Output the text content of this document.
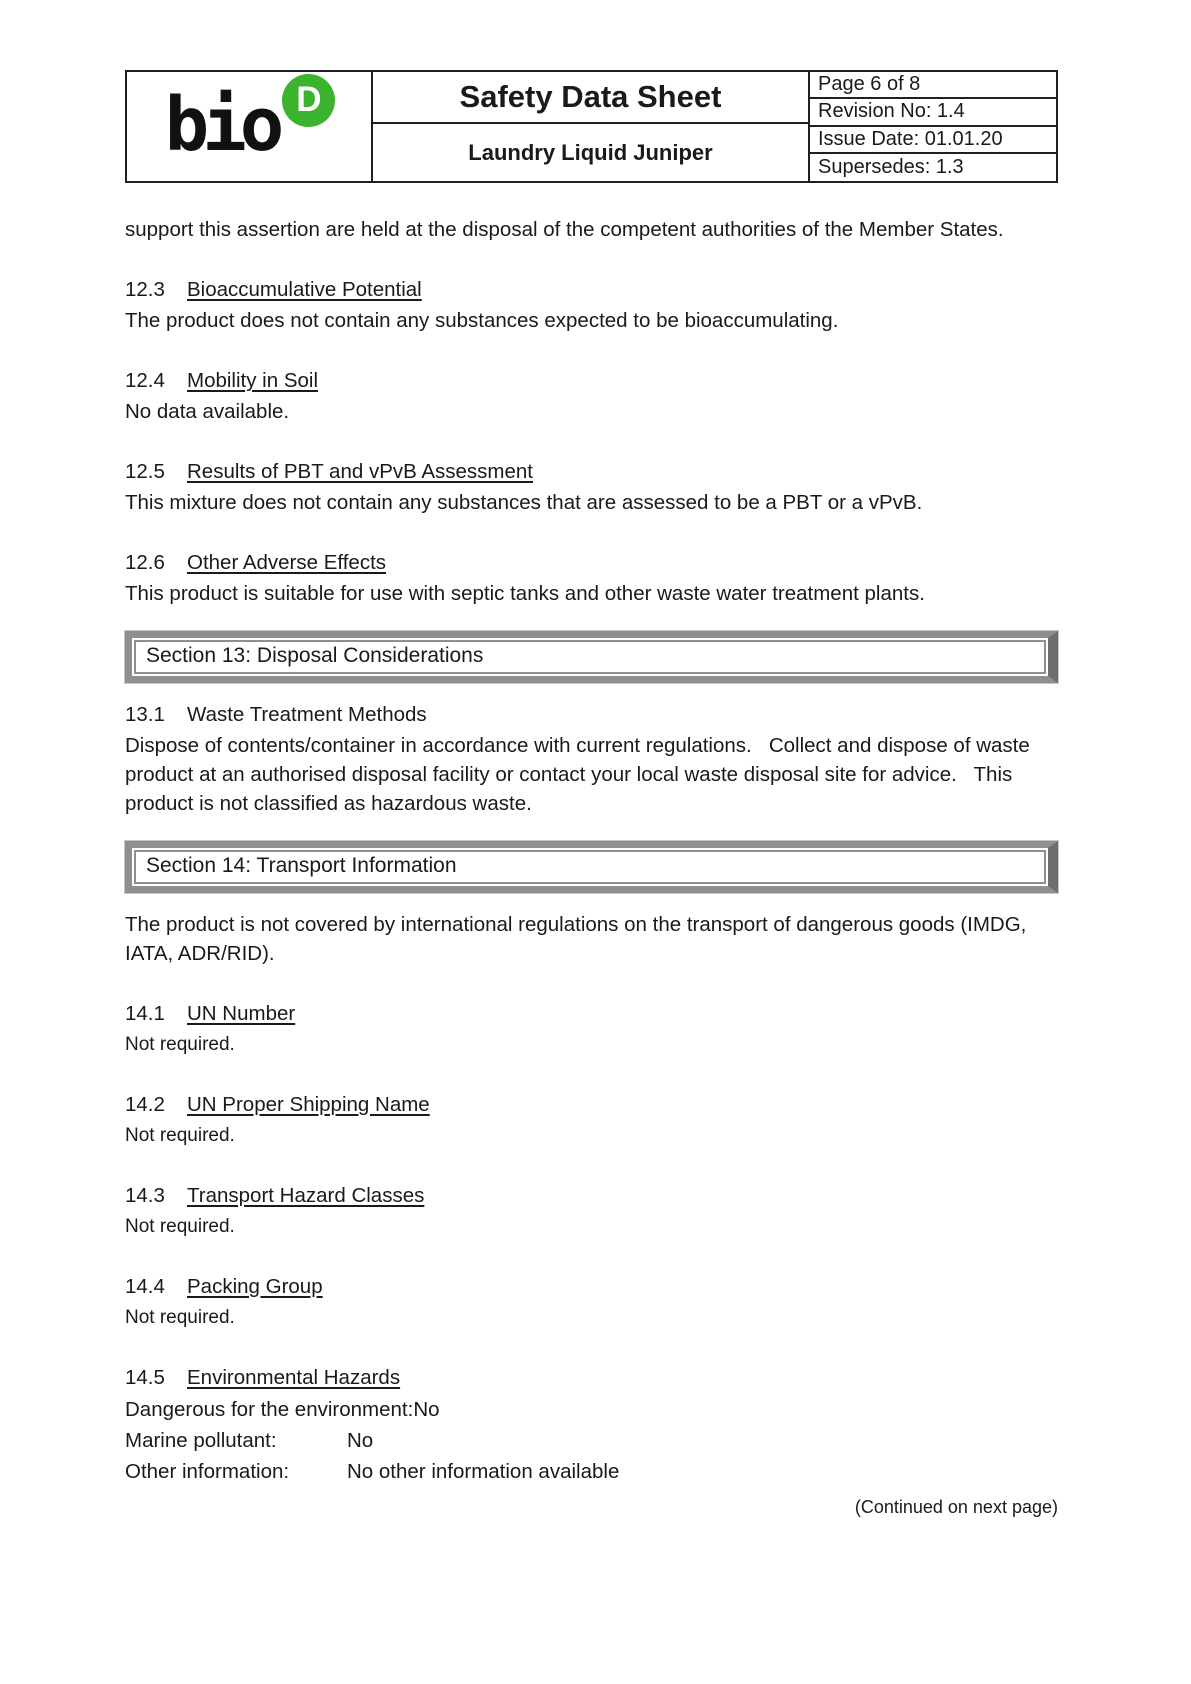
bio D	Safety Data Sheet
Laundry Liquid Juniper
Page 6 of 8
Revision No: 1.4
Issue Date: 01.01.20
Supersedes: 1.3

support this assertion are held at the disposal of the competent authorities of the Member States.

12.3	Bioaccumulative Potential

The product does not contain any substances expected to be bioaccumulating.

12.4	Mobility in Soil

No data available.

12.5	Results of PBT and vPvB Assessment

This mixture does not contain any substances that are assessed to be a PBT or a vPvB.

12.6	Other Adverse Effects

This product is suitable for use with septic tanks and other waste water treatment plants.

Section 13: Disposal Considerations
13.1	Waste Treatment Methods

Dispose of contents/container in accordance with current regulations.   Collect and dispose of waste product at an authorised disposal facility or contact your local waste disposal site for advice.   This product is not classified as hazardous waste.

Section 14: Transport Information

The product is not covered by international regulations on the transport of dangerous goods (IMDG, IATA, ADR/RID).

14.1	UN Number

Not required.

14.2	UN Proper Shipping Name

Not required.

14.3	Transport Hazard Classes

Not required.

14.4	Packing Group

Not required.

14.5	Environmental Hazards
Dangerous for the environment: No
Marine pollutant:	No
Other information:	No other information available
(Continued on next page)
